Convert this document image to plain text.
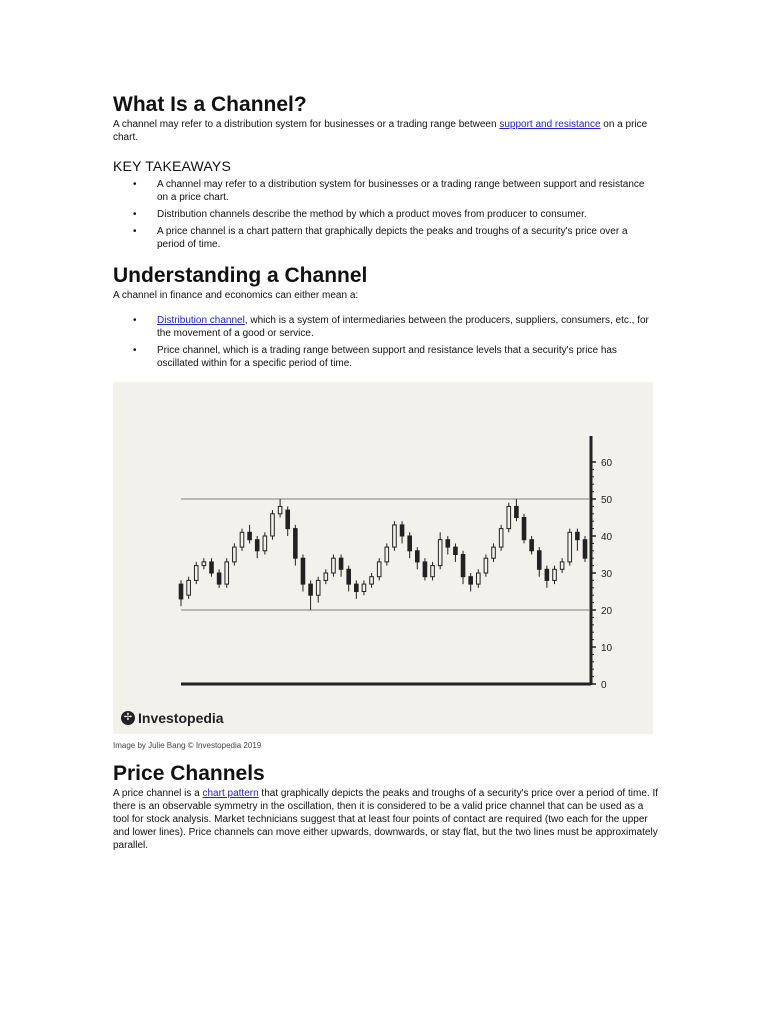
What Is a Channel?

A channel may refer to a distribution system for businesses or a trading range between support and resistance on a price chart.

KEY TAKEAWAYS
• A channel may refer to a distribution system for businesses or a trading range between support and resistance on a price chart.
• Distribution channels describe the method by which a product moves from producer to consumer.
• A price channel is a chart pattern that graphically depicts the peaks and troughs of a security's price over a period of time.
Understanding a Channel

A channel in finance and economics can either mean a:

• Distribution channel, which is a system of intermediaries between the producers, suppliers, consumers, etc., for the movement of a good or service.
• Price channel, which is a trading range between support and resistance levels that a security's price has oscillated within for a specific period of time.
0
10
20
30
40
50
60
✢ Investopedia
Image by Julie Bang © Investopedia 2019
Price Channels

A price channel is a chart pattern that graphically depicts the peaks and troughs of a security's price over a period of time. If there is an observable symmetry in the oscillation, then it is considered to be a valid price channel that can be used as a tool for stock analysis. Market technicians suggest that at least four points of contact are required (two each for the upper and lower lines). Price channels can move either upwards, downwards, or stay flat, but the two lines must be approximately parallel.
